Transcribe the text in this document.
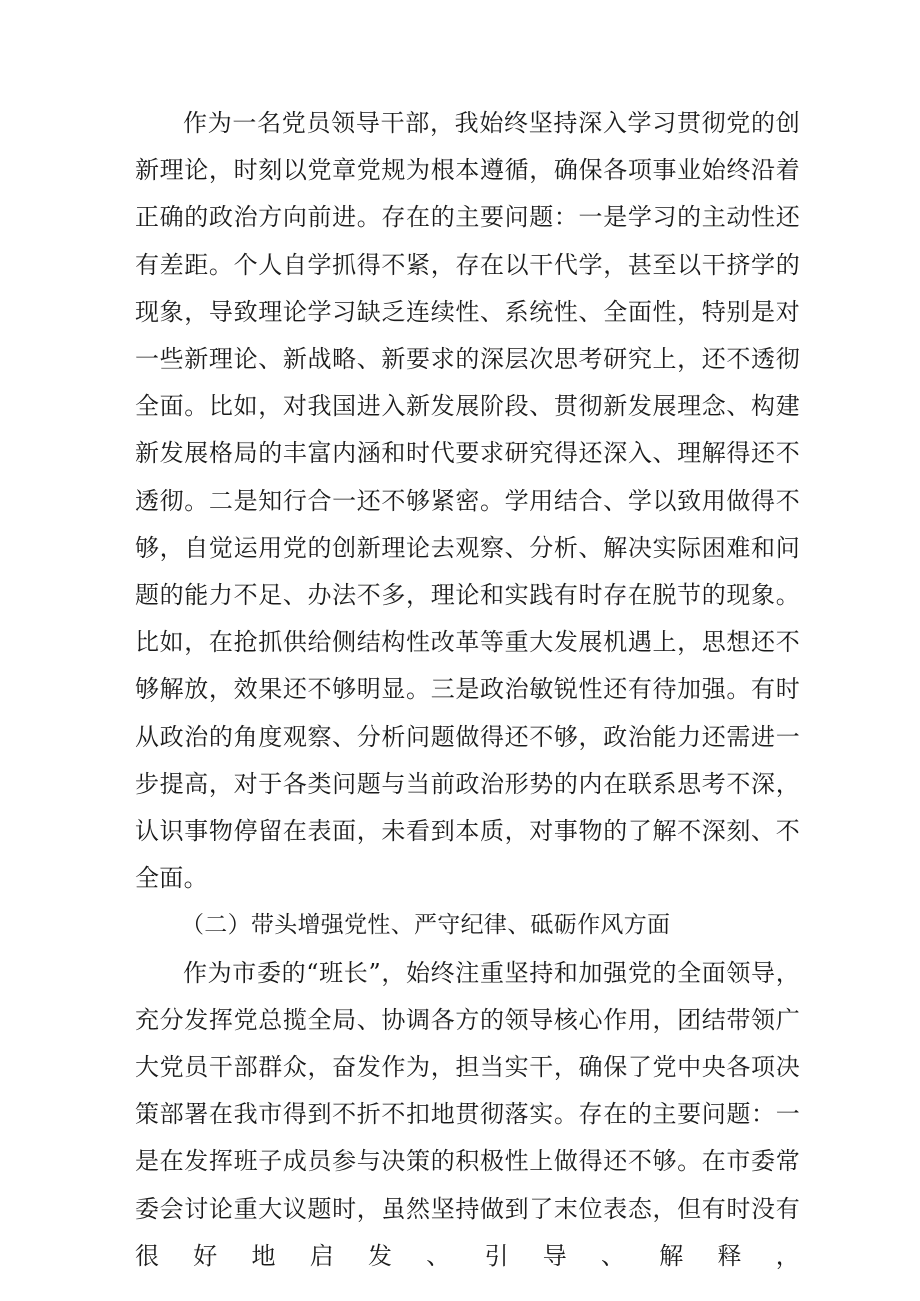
作为一名党员领导干部，我始终坚持深入学习贯彻党的创新理论，时刻以党章党规为根本遵循，确保各项事业始终沿着正确的政治方向前进。存在的主要问题：一是学习的主动性还有差距。个人自学抓得不紧，存在以干代学，甚至以干挤学的现象，导致理论学习缺乏连续性、系统性、全面性，特别是对一些新理论、新战略、新要求的深层次思考研究上，还不透彻全面。比如，对我国进入新发展阶段、贯彻新发展理念、构建新发展格局的丰富内涵和时代要求研究得还深入、理解得还不透彻。二是知行合一还不够紧密。学用结合、学以致用做得不够，自觉运用党的创新理论去观察、分析、解决实际困难和问题的能力不足、办法不多，理论和实践有时存在脱节的现象。比如，在抢抓供给侧结构性改革等重大发展机遇上，思想还不够解放，效果还不够明显。三是政治敏锐性还有待加强。有时从政治的角度观察、分析问题做得还不够，政治能力还需进一步提高，对于各类问题与当前政治形势的内在联系思考不深，认识事物停留在表面，未看到本质，对事物的了解不深刻、不全面。

（二）带头增强党性、严守纪律、砥砺作风方面

作为市委的“班长”，始终注重坚持和加强党的全面领导，充分发挥党总揽全局、协调各方的领导核心作用，团结带领广大党员干部群众，奋发作为，担当实干，确保了党中央各项决策部署在我市得到不折不扣地贯彻落实。存在的主要问题：一是在发挥班子成员参与决策的积极性上做得还不够。在市委常委会讨论重大议题时，虽然坚持做到了末位表态，但有时没有很好地启发、引导、解释，
